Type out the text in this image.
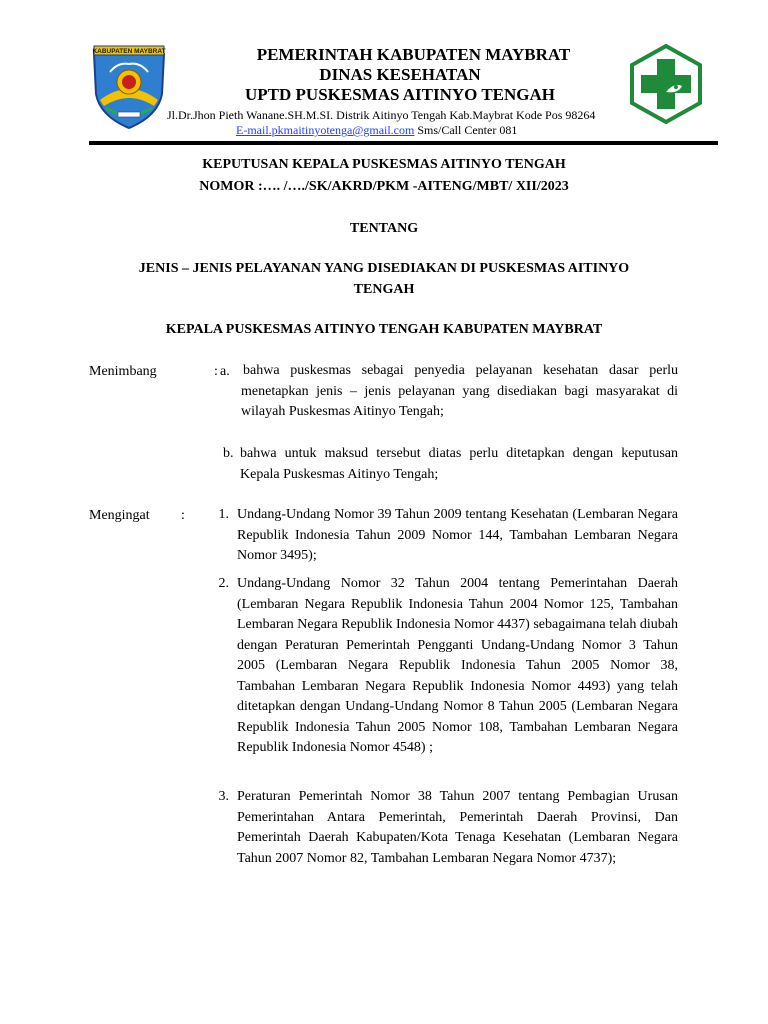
KABUPATEN MAYBRAT	PEMERINTAH KABUPATEN MAYBRAT
DINAS KESEHATAN
UPTD PUSKESMAS AITINYO TENGAH
Jl.Dr.Jhon Pieth Wanane.SH.M.SI. Distrik Aitinyo Tengah Kab.Maybrat Kode Pos 98264
E-mail.pkmaitinyotenga@gmail.com Sms/Call Center 081
KEPUTUSAN KEPALA PUSKESMAS AITINYO TENGAH
NOMOR :…. /…./SK/AKRD/PKM -AITENG/MBT/ XII/2023
TENTANG
JENIS – JENIS PELAYANAN YANG DISEDIAKAN DI PUSKESMAS AITINYO
TENGAH
KEPALA PUSKESMAS AITINYO TENGAH KABUPATEN MAYBRAT
Menimbang	: a. bahwa puskesmas sebagai penyedia pelayanan kesehatan dasar perlu menetapkan jenis – jenis pelayanan yang disediakan bagi masyarakat di wilayah Puskesmas Aitinyo Tengah;
b. bahwa untuk maksud tersebut diatas perlu ditetapkan dengan keputusan Kepala Puskesmas Aitinyo Tengah;
Mengingat :	1. Undang-Undang Nomor 39 Tahun 2009 tentang Kesehatan (Lembaran Negara Republik Indonesia Tahun 2009 Nomor 144, Tambahan Lembaran Negara Nomor 3495);
2. Undang-Undang Nomor 32 Tahun 2004 tentang Pemerintahan Daerah (Lembaran Negara Republik Indonesia Tahun 2004 Nomor 125, Tambahan Lembaran Negara Republik Indonesia Nomor 4437) sebagaimana telah diubah dengan Peraturan Pemerintah Pengganti Undang-Undang Nomor 3 Tahun 2005 (Lembaran Negara Republik Indonesia Tahun 2005 Nomor 38, Tambahan Lembaran Negara Republik Indonesia Nomor 4493) yang telah ditetapkan dengan Undang-Undang Nomor 8 Tahun 2005 (Lembaran Negara Republik Indonesia Tahun 2005 Nomor 108, Tambahan Lembaran Negara Republik Indonesia Nomor 4548) ;
3. Peraturan Pemerintah Nomor 38 Tahun 2007 tentang Pembagian Urusan Pemerintahan Antara Pemerintah, Pemerintah Daerah Provinsi, Dan Pemerintah Daerah Kabupaten/Kota Tenaga Kesehatan (Lembaran Negara Tahun 2007 Nomor 82, Tambahan Lembaran Negara Nomor 4737);
